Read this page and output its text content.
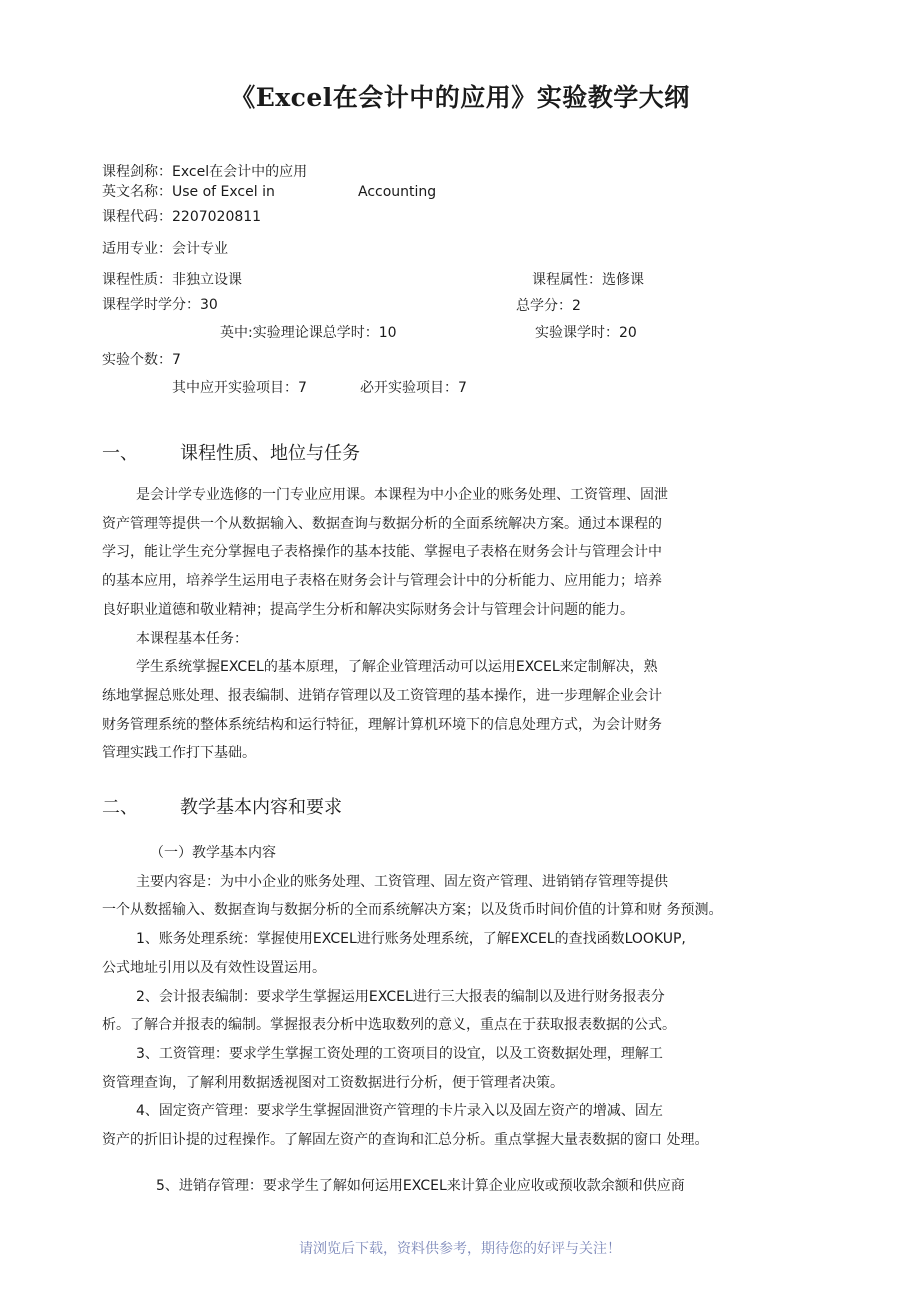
《Excel在会计中的应用》实验教学大纲
课程剑称：Excel在会计中的应用
英文名称：Use of Excel in	Accounting
课程代码：2207020811
适用专业：会计专业
课程性质：非独立设课	课程属性：选修课
课程学时学分：30	总学分：2
英中:实验理论课总学时：10	实验课学时：20
实验个数：7
其中应开实验项目：7	必开实验项目：7
一、 课程性质、地位与任务

是会计学专业选修的一门专业应用课。本课程为中小企业的账务处理、工资管理、固泄

资产管理等提供一个从数据输入、数据查询与数据分析的全面系统解决方案。通过本课程的

学习，能让学生充分掌握电子表格操作的基本技能、掌握电子表格在财务会计与管理会计中

的基本应用，培养学生运用电子表格在财务会计与管理会计中的分析能力、应用能力；培养

良好职业道德和敬业精神；提高学生分析和解决实际财务会计与管理会计问题的能力。

本课程基本任务：

学生系统掌握EXCEL的基本原理，了解企业管理活动可以运用EXCEL来定制解决，熟

练地掌握总账处理、报表编制、进销存管理以及工资管理的基本操作，进一步理解企业会计

财务管理系统的整体系统结构和运行特征，理解计算机环境下的信息处理方式，为会计财务

管理实践工作打下基础。

二、 教学基本内容和要求

（一）教学基本内容

主要内容是：为中小企业的账务处理、工资管理、固左资产管理、进销销存管理等提供

一个从数摇输入、数据查询与数据分析的全而系统解决方案；以及货币时间价值的计算和财 务预测。

1、账务处理系统：掌握使用EXCEL进行账务处理系统，了解EXCEL的查找函数LOOKUP,

公式地址引用以及有效性设置运用。

2、会计报表编制：要求学生掌握运用EXCEL进行三大报表的编制以及进行财务报表分

析。了解合并报表的编制。掌握报表分析中选取数列的意义，重点在于获取报表数据的公式。

3、工资管理：要求学生掌握工资处理的工资项目的设宜，以及工资数据处理，理解工

资管理查询，了解利用数据透视图对工资数据进行分析，便于管理者决策。

4、固定资产管理：要求学生掌握固泄资产管理的卡片录入以及固左资产的增减、固左

资产的折旧讣提的过程操作。了解固左资产的查询和汇总分析。重点掌握大量表数据的窗口 处理。

5、进销存管理：要求学生了解如何运用EXCEL来计算企业应收或预收款余额和供应商
请浏览后下载，资料供参考，期待您的好评与关注！
